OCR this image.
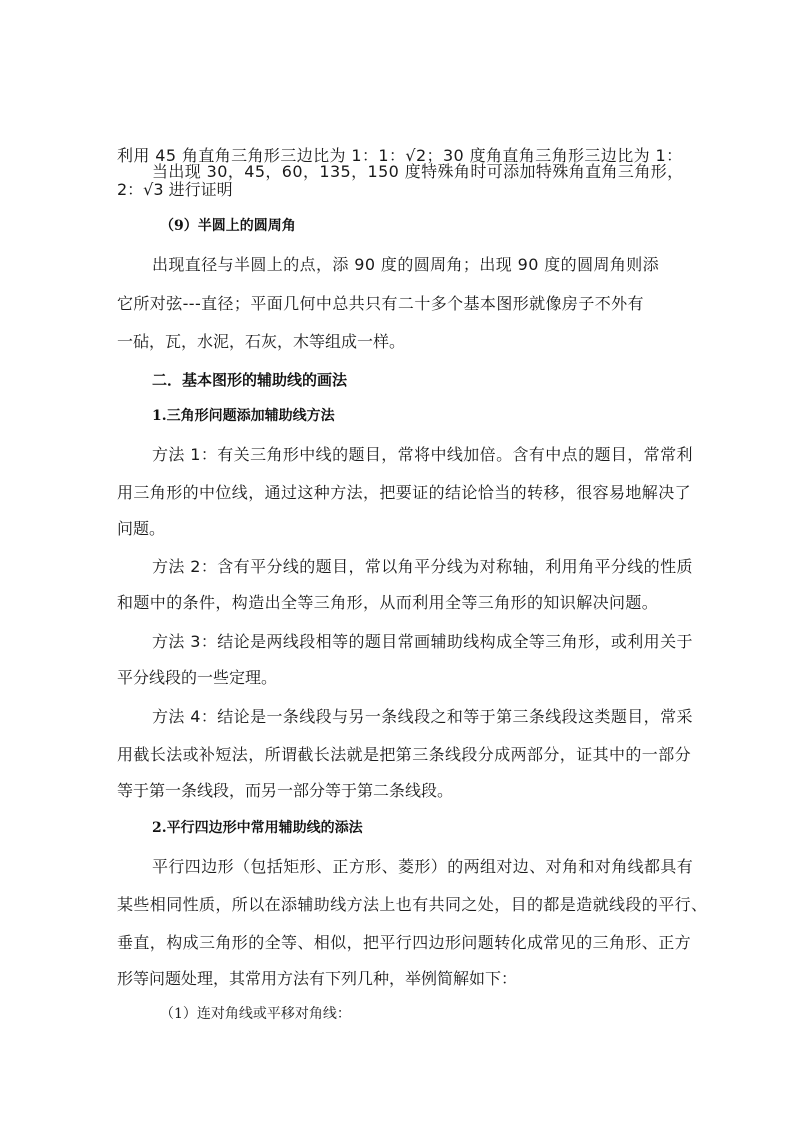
当出现 30，45，60，135，150 度特殊角时可添加特殊角直角三角形，
利用 45 角直角三角形三边比为 1：1：√2；30 度角直角三角形三边比为 1：
2：√3 进行证明
（9）半圆上的圆周角
出现直径与半圆上的点，添 90 度的圆周角；出现 90 度的圆周角则添
它所对弦---直径；平面几何中总共只有二十多个基本图形就像房子不外有
一砧，瓦，水泥，石灰，木等组成一样。
二．基本图形的辅助线的画法
1.三角形问题添加辅助线方法
方法 1：有关三角形中线的题目，常将中线加倍。含有中点的题目，常常利
用三角形的中位线，通过这种方法，把要证的结论恰当的转移，很容易地解决了
问题。
方法 2：含有平分线的题目，常以角平分线为对称轴，利用角平分线的性质
和题中的条件，构造出全等三角形，从而利用全等三角形的知识解决问题。
方法 3：结论是两线段相等的题目常画辅助线构成全等三角形，或利用关于
平分线段的一些定理。
方法 4：结论是一条线段与另一条线段之和等于第三条线段这类题目，常采
用截长法或补短法，所谓截长法就是把第三条线段分成两部分，证其中的一部分
等于第一条线段，而另一部分等于第二条线段。
2.平行四边形中常用辅助线的添法
平行四边形（包括矩形、正方形、菱形）的两组对边、对角和对角线都具有
某些相同性质，所以在添辅助线方法上也有共同之处，目的都是造就线段的平行、
垂直，构成三角形的全等、相似，把平行四边形问题转化成常见的三角形、正方
形等问题处理，其常用方法有下列几种，举例简解如下：
（1）连对角线或平移对角线：
